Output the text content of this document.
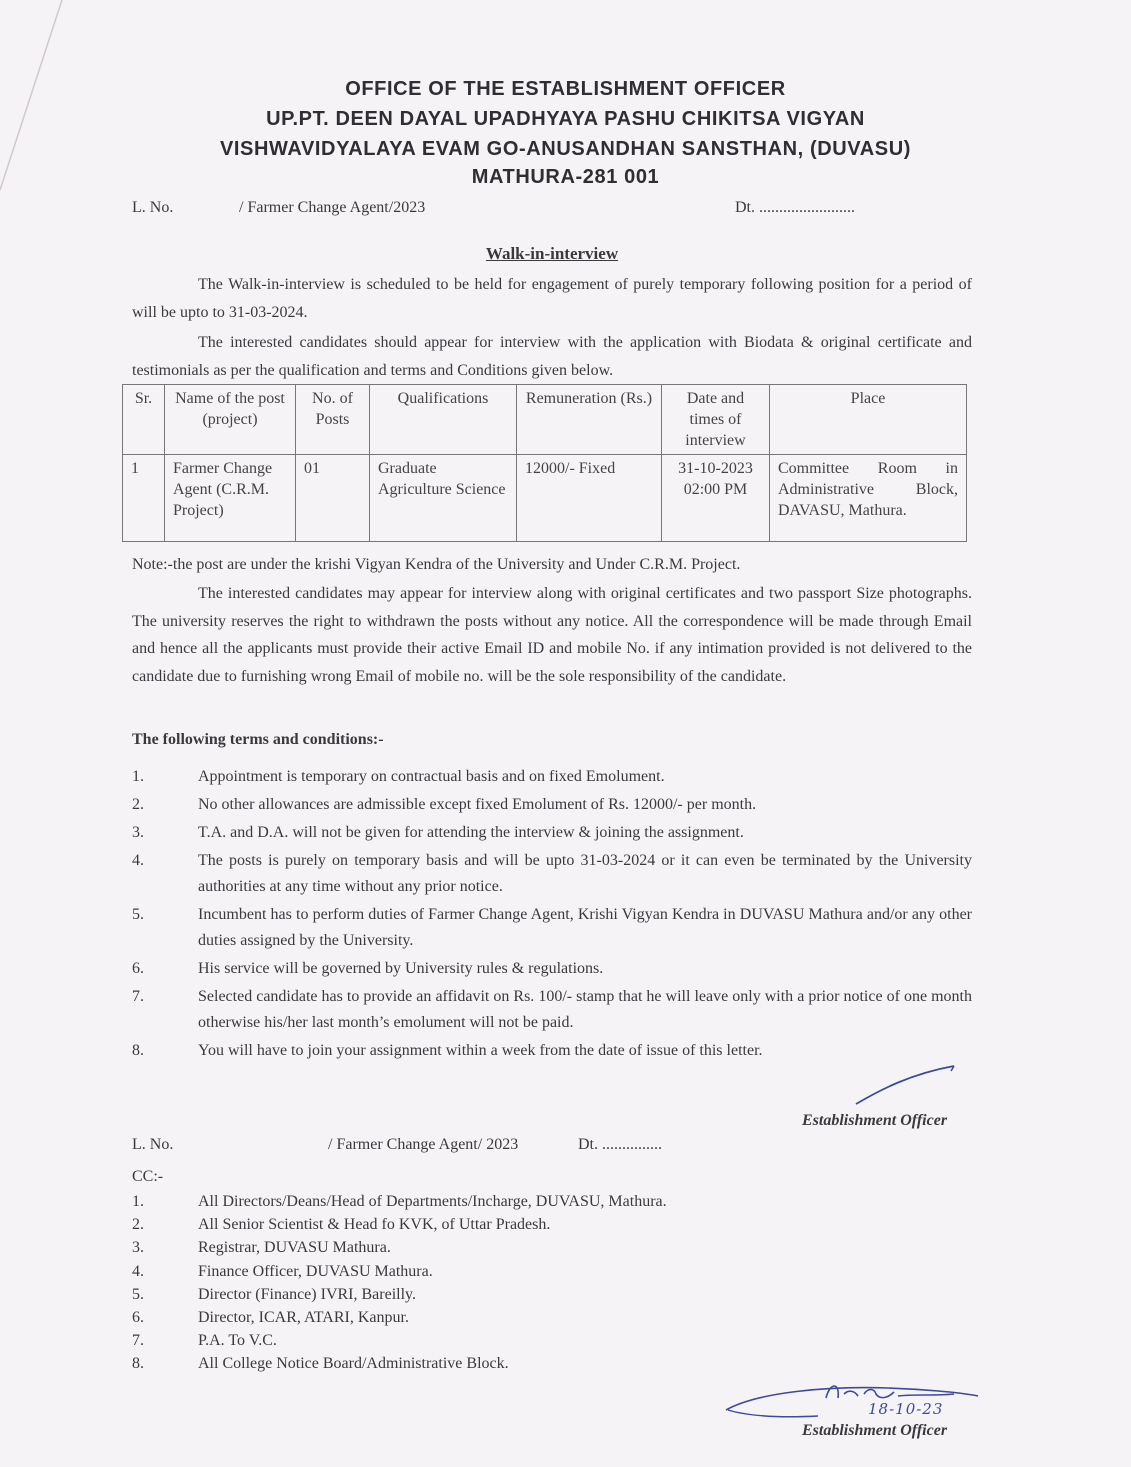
OFFICE OF THE ESTABLISHMENT OFFICER
UP.PT. DEEN DAYAL UPADHYAYA PASHU CHIKITSA VIGYAN
VISHWAVIDYALAYA EVAM GO-ANUSANDHAN SANSTHAN, (DUVASU)
MATHURA-281 001
L. No.	/ Farmer Change Agent/2023	Dt. ........................
Walk-in-interview
The Walk-in-interview is scheduled to be held for engagement of purely temporary following position for a period of will be upto to 31-03-2024.
The interested candidates should appear for interview with the application with Biodata & original certificate and testimonials as per the qualification and terms and Conditions given below.
Sr.	Name of the post (project)	No. of Posts	Qualifications	Remuneration (Rs.)	Date and times of interview	Place
1	Farmer Change Agent (C.R.M. Project)	01	Graduate Agriculture Science	12000/- Fixed	31-10-2023 02:00 PM	Committee Room in Administrative Block, DAVASU, Mathura.
Note:-the post are under the krishi Vigyan Kendra of the University and Under C.R.M. Project.
The interested candidates may appear for interview along with original certificates and two passport Size photographs. The university reserves the right to withdrawn the posts without any notice. All the correspondence will be made through Email and hence all the applicants must provide their active Email ID and mobile No. if any intimation provided is not delivered to the candidate due to furnishing wrong Email of mobile no. will be the sole responsibility of the candidate.
The following terms and conditions:-
1.	Appointment is temporary on contractual basis and on fixed Emolument.
2.	No other allowances are admissible except fixed Emolument of Rs. 12000/- per month.
3.	T.A. and D.A. will not be given for attending the interview & joining the assignment.
4.	The posts is purely on temporary basis and will be upto 31-03-2024 or it can even be terminated by the University authorities at any time without any prior notice.
5.	Incumbent has to perform duties of Farmer Change Agent, Krishi Vigyan Kendra in DUVASU Mathura and/or any other duties assigned by the University.
6.	His service will be governed by University rules & regulations.
7.	Selected candidate has to provide an affidavit on Rs. 100/- stamp that he will leave only with a prior notice of one month otherwise his/her last month’s emolument will not be paid.
8.	You will have to join your assignment within a week from the date of issue of this letter.
Establishment Officer
L. No.	/ Farmer Change Agent/ 2023	Dt. ...............
CC:-
1.	All Directors/Deans/Head of Departments/Incharge, DUVASU, Mathura.
2.	All Senior Scientist & Head fo KVK, of Uttar Pradesh.
3.	Registrar, DUVASU Mathura.
4.	Finance Officer, DUVASU Mathura.
5.	Director (Finance) IVRI, Bareilly.
6.	Director, ICAR, ATARI, Kanpur.
7.	P.A. To V.C.
8.	All College Notice Board/Administrative Block.
18-10-23
Establishment Officer
